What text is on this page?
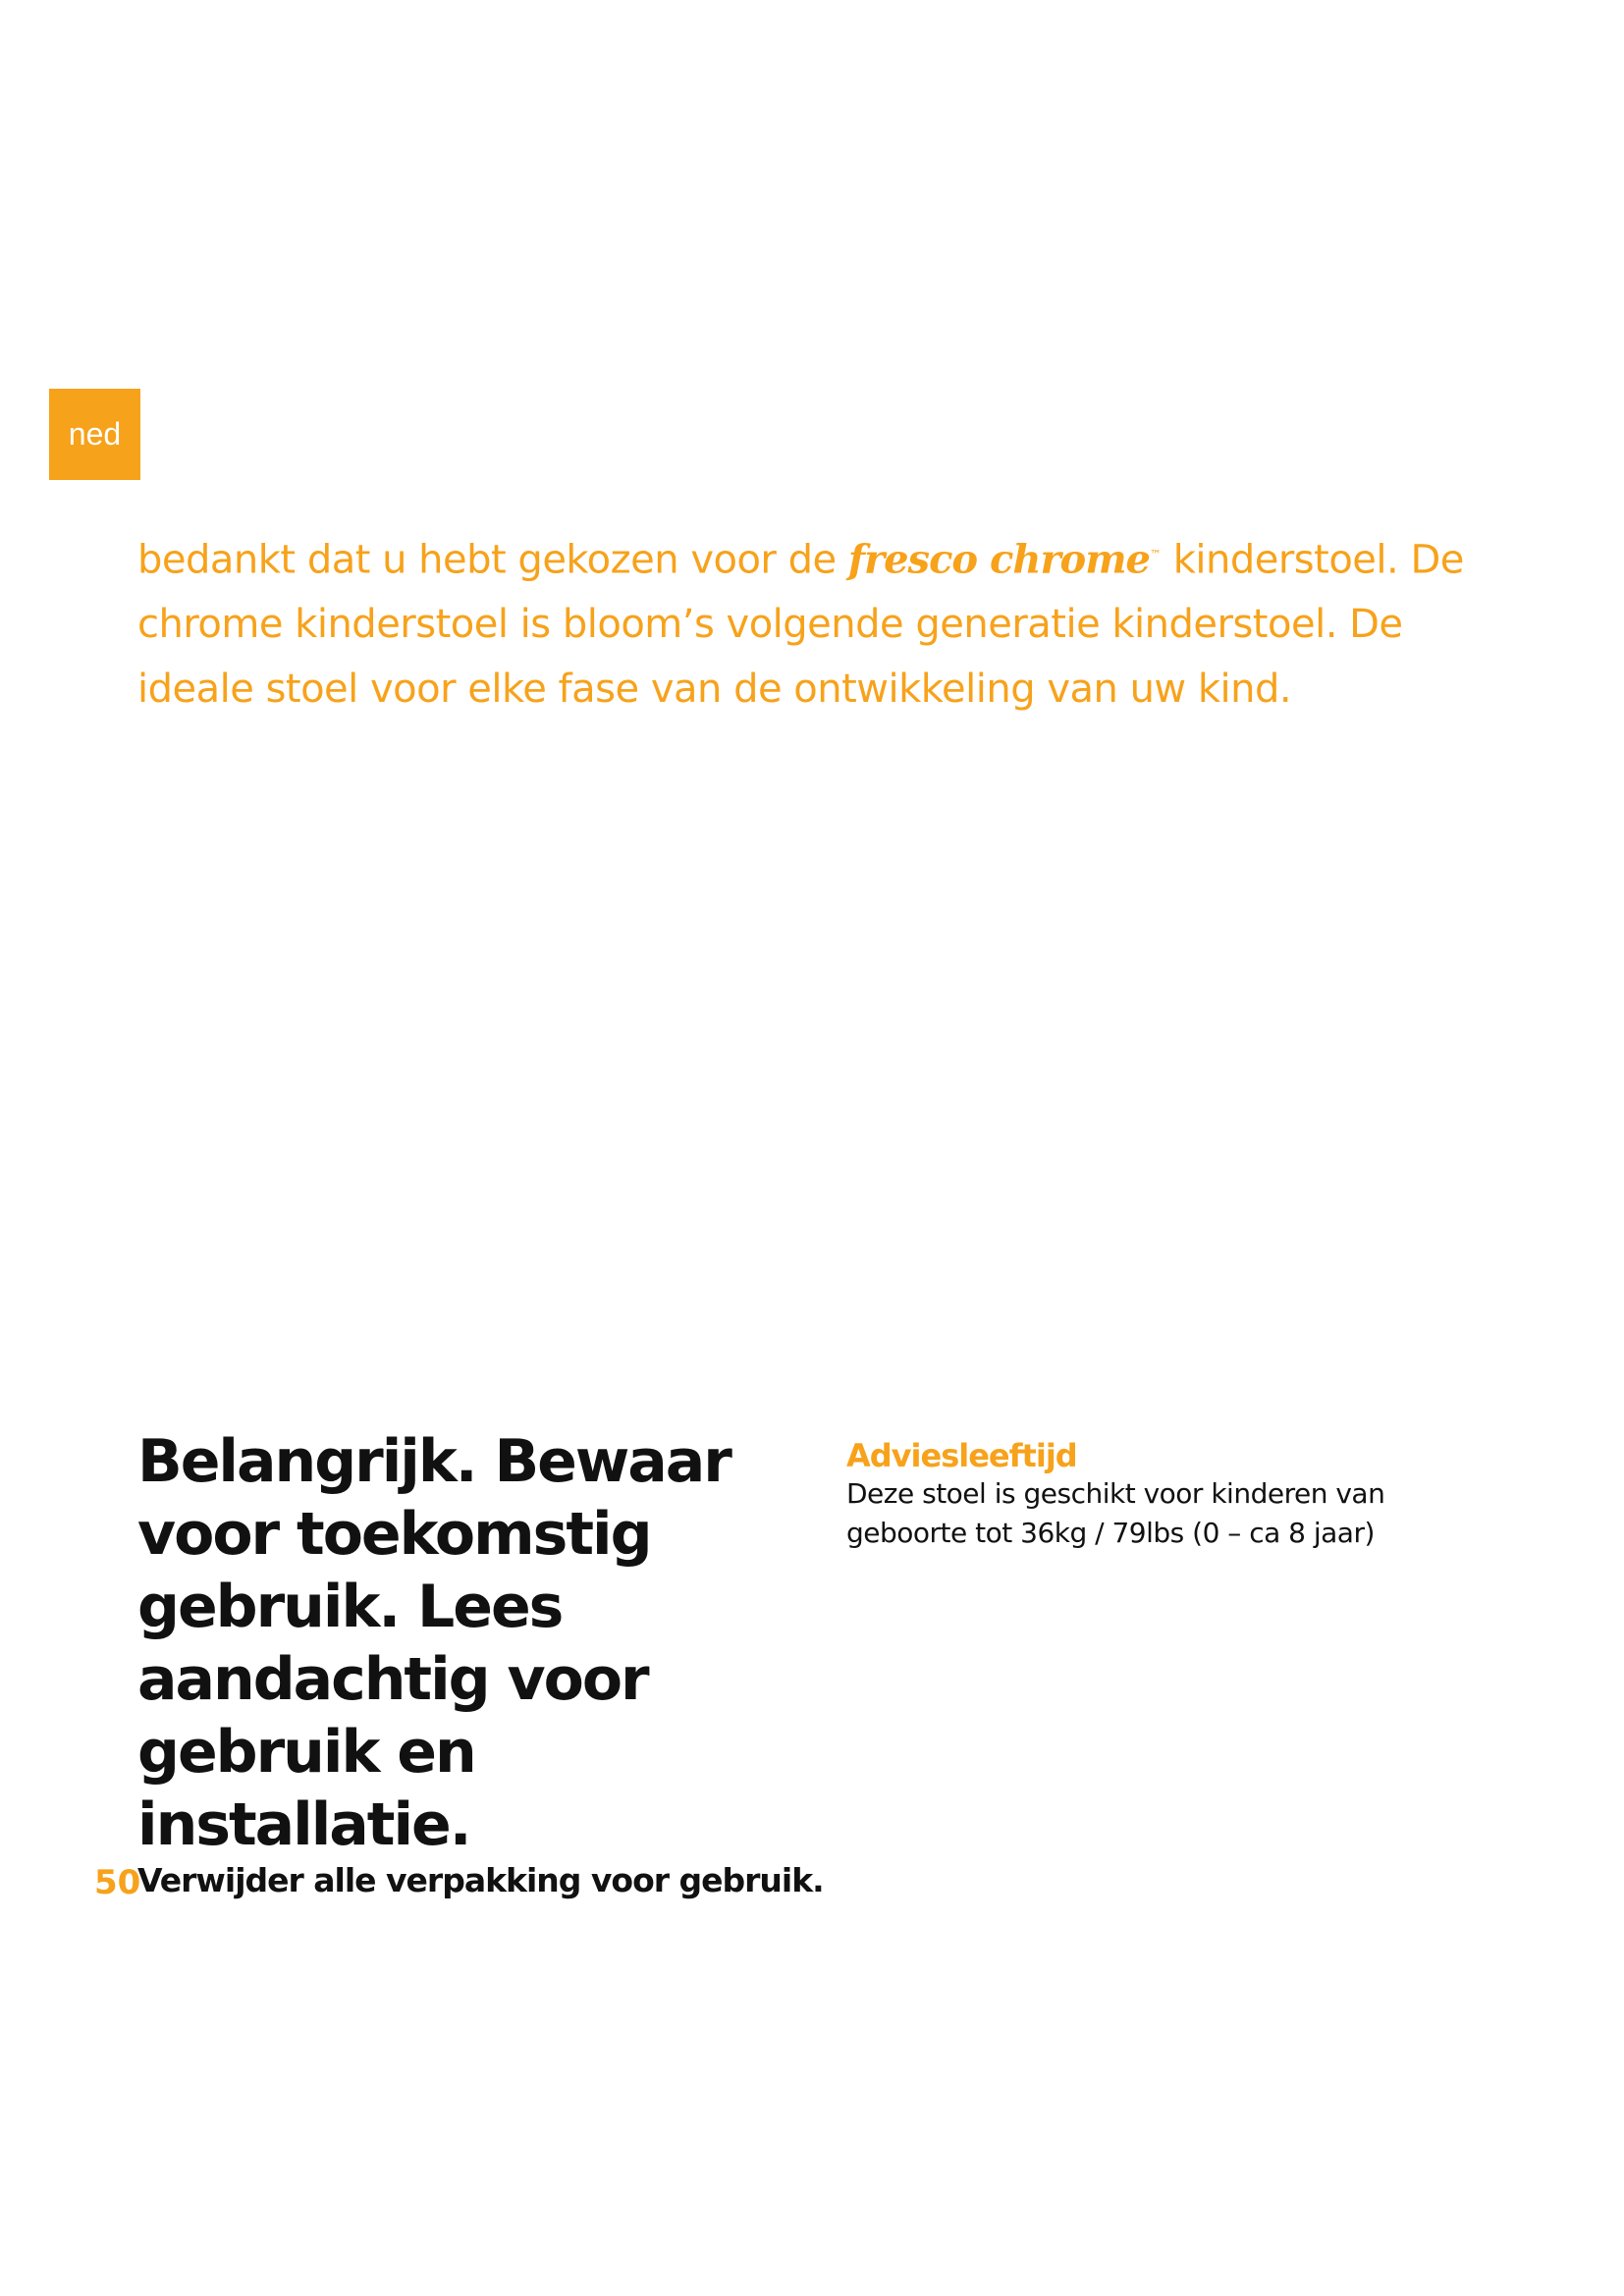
ned
bedankt dat u hebt gekozen voor de fresco chrome™ kinderstoel. De chrome kinderstoel is bloom’s volgende generatie kinderstoel. De ideale stoel voor elke fase van de ontwikkeling van uw kind.

Belangrijk. Bewaar voor toekomstig gebruik. Lees aandachtig voor gebruik en installatie.

Verwijder alle verpakking voor gebruik.

Adviesleeftijd

Deze stoel is geschikt voor kinderen van geboorte tot 36kg / 79lbs (0 – ca 8 jaar)

50
